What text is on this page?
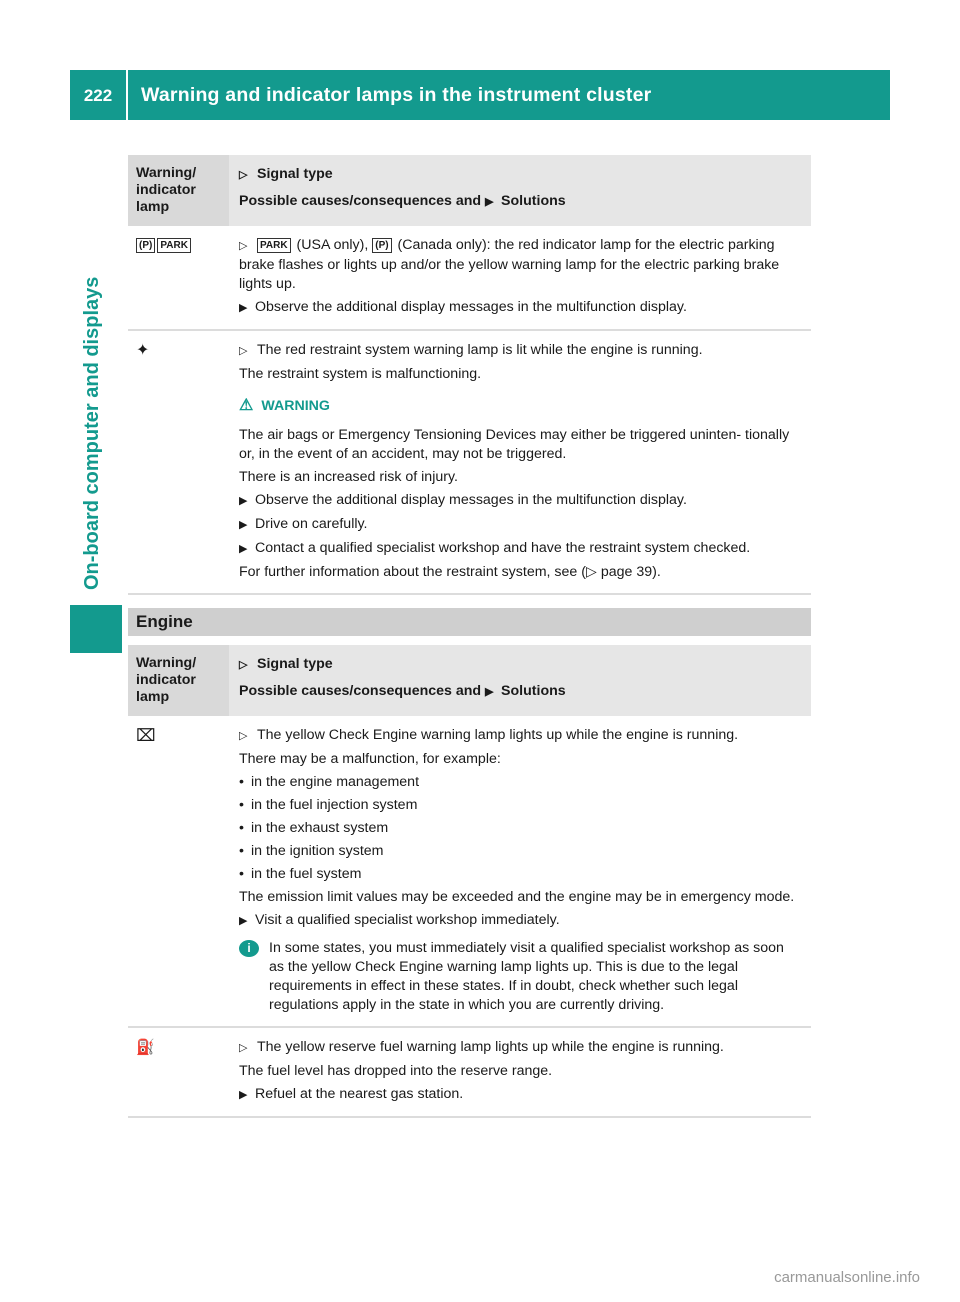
222	Warning and indicator lamps in the instrument cluster
On-board computer and displays
Warning/ indicator lamp

▷ Signal type

Possible causes/consequences and ▶ Solutions

(P) PARK	▷ PARK (USA only), (P) (Canada only): the red indicator lamp for the electric parking brake flashes or lights up and/or the yellow warning lamp for the electric parking brake lights up.

▶ Observe the additional display messages in the multifunction display.

✦	▷ The red restraint system warning lamp is lit while the engine is running.

The restraint system is malfunctioning.

⚠ WARNING

The air bags or Emergency Tensioning Devices may either be triggered uninten- tionally or, in the event of an accident, may not be triggered.

There is an increased risk of injury.

▶ Observe the additional display messages in the multifunction display.

▶ Drive on carefully.

▶ Contact a qualified specialist workshop and have the restraint system checked.

For further information about the restraint system, see (▷ page 39).

Engine
Warning/ indicator lamp

▷ Signal type

Possible causes/consequences and ▶ Solutions

⌧	▷ The yellow Check Engine warning lamp lights up while the engine is running.

There may be a malfunction, for example:

• in the engine management

• in the fuel injection system

• in the exhaust system

• in the ignition system

• in the fuel system

The emission limit values may be exceeded and the engine may be in emergency mode.

▶ Visit a qualified specialist workshop immediately.

i	In some states, you must immediately visit a qualified specialist workshop as soon as the yellow Check Engine warning lamp lights up. This is due to the legal requirements in effect in these states. If in doubt, check whether such legal regulations apply in the state in which you are currently driving.
⛽	▷ The yellow reserve fuel warning lamp lights up while the engine is running.

The fuel level has dropped into the reserve range.

▶ Refuel at the nearest gas station.

carmanualsonline.info
